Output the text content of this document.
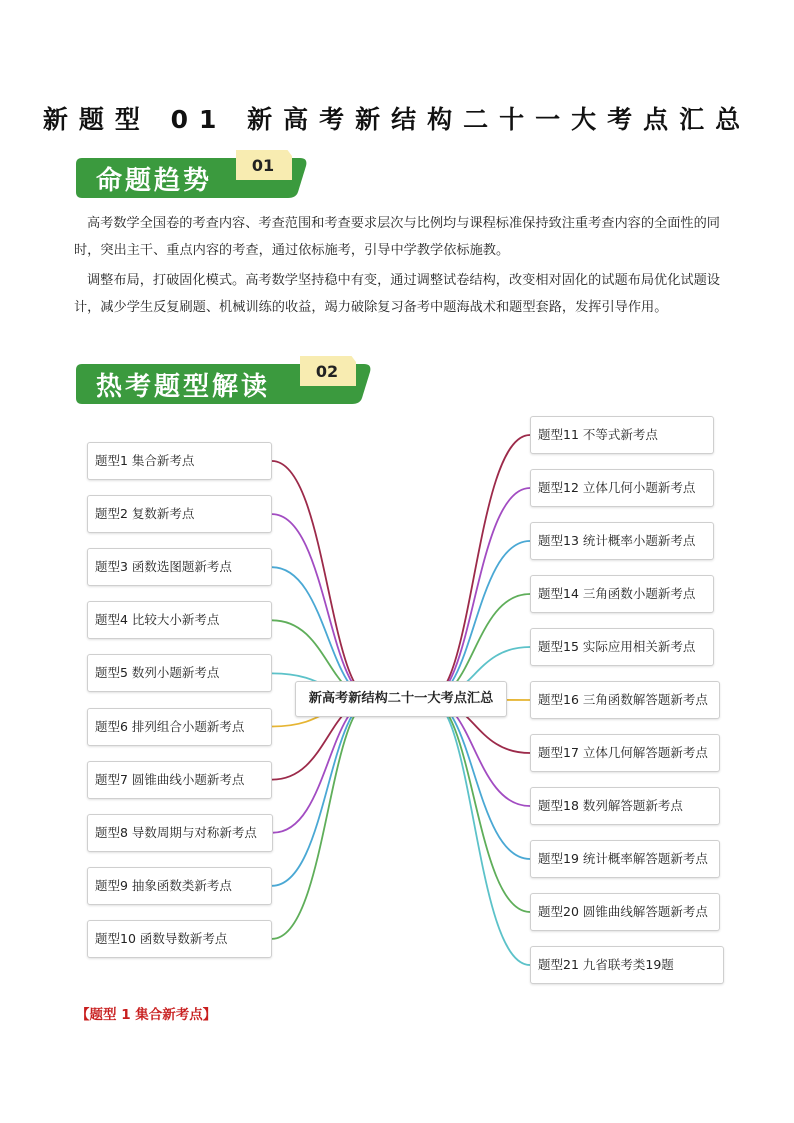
新题型 01 新高考新结构二十一大考点汇总
命题趋势
01

高考数学全国卷的考查内容、考查范围和考查要求层次与比例均与课程标准保持致注重考查内容的全面性的同时，突出主干、重点内容的考查，通过依标施考，引导中学教学依标施教。

调整布局，打破固化模式。高考数学坚持稳中有变，通过调整试卷结构，改变相对固化的试题布局优化试题设计，减少学生反复刷题、机械训练的收益，竭力破除复习备考中题海战术和题型套路，发挥引导作用。

热考题型解读
02
新高考新结构二十一大考点汇总
题型1 集合新考点
题型2 复数新考点
题型3 函数选图题新考点
题型4 比较大小新考点
题型5 数列小题新考点
题型6 排列组合小题新考点
题型7 圆锥曲线小题新考点
题型8 导数周期与对称新考点
题型9 抽象函数类新考点
题型10 函数导数新考点
题型11 不等式新考点
题型12 立体几何小题新考点
题型13 统计概率小题新考点
题型14 三角函数小题新考点
题型15 实际应用相关新考点
题型16 三角函数解答题新考点
题型17 立体几何解答题新考点
题型18 数列解答题新考点
题型19 统计概率解答题新考点
题型20 圆锥曲线解答题新考点
题型21 九省联考类19题
【题型 1 集合新考点】
